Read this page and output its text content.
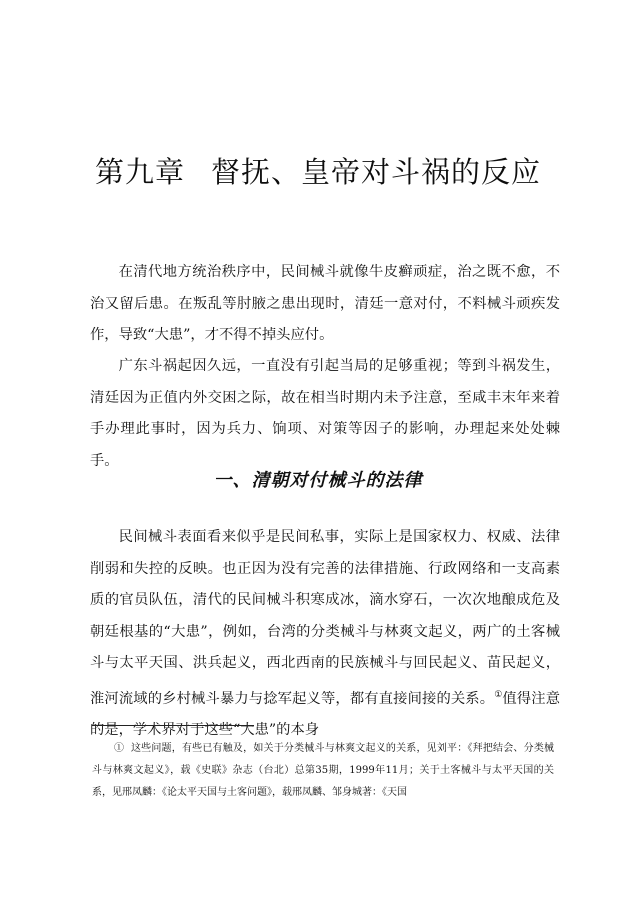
第九章 督抚、皇帝对斗祸的反应

在清代地方统治秩序中，民间械斗就像牛皮癣顽症，治之既不愈，不治又留后患。在叛乱等肘腋之患出现时，清廷一意对付，不料械斗顽疾发作，导致“大患”，才不得不掉头应付。

广东斗祸起因久远，一直没有引起当局的足够重视；等到斗祸发生，清廷因为正值内外交困之际，故在相当时期内未予注意，至咸丰末年来着手办理此事时，因为兵力、饷项、对策等因子的影响，办理起来处处棘手。

一、清朝对付械斗的法律

民间械斗表面看来似乎是民间私事，实际上是国家权力、权威、法律削弱和失控的反映。也正因为没有完善的法律措施、行政网络和一支高素质的官员队伍，清代的民间械斗积寒成冰，滴水穿石，一次次地酿成危及朝廷根基的“大患”，例如，台湾的分类械斗与林爽文起义，两广的土客械斗与太平天国、洪兵起义，西北西南的民族械斗与回民起义、苗民起义，淮河流域的乡村械斗暴力与捻军起义等，都有直接间接的关系。①值得注意的是，学术界对于这些“大患”的本身

① 这些问题，有些已有触及，如关于分类械斗与林爽文起义的关系，见刘平：《拜把结会、分类械斗与林爽文起义》，载《史联》杂志（台北）总第35期，1999年11月；关于土客械斗与太平天国的关系，见邢凤麟：《论太平天国与土客问题》，载邢凤麟、邹身城著：《天国
